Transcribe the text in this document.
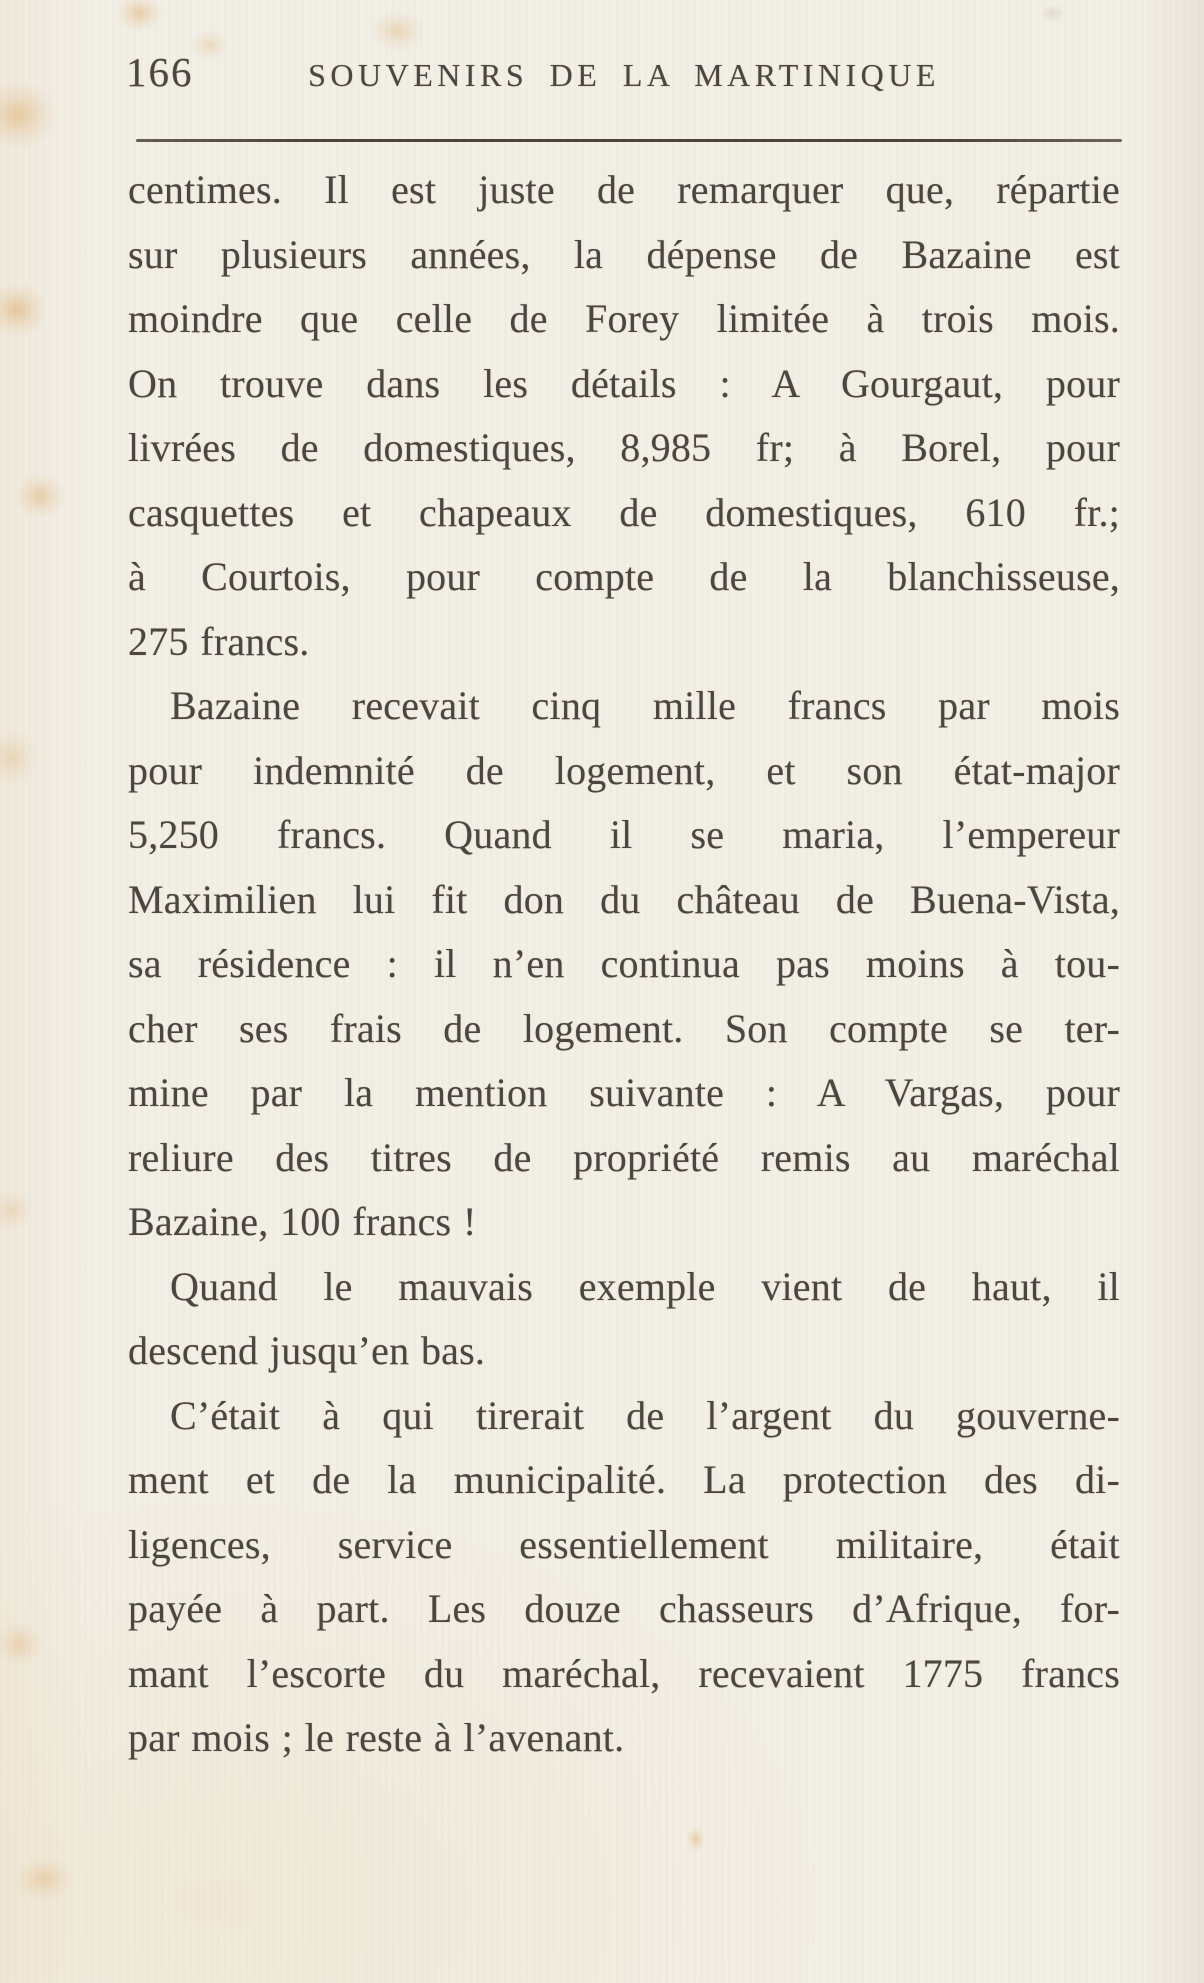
166	SOUVENIRS DE LA MARTINIQUE
centimes. Il est juste de remarquer que, répartie
sur plusieurs années, la dépense de Bazaine est
moindre que celle de Forey limitée à trois mois.
On trouve dans les détails : A Gourgaut, pour
livrées de domestiques, 8,985 fr; à Borel, pour
casquettes et chapeaux de domestiques, 610 fr.;
à Courtois, pour compte de la blanchisseuse,
275 francs.
Bazaine recevait cinq mille francs par mois
pour indemnité de logement, et son état-major
5,250 francs. Quand il se maria, l’empereur
Maximilien lui fit don du château de Buena-Vista,
sa résidence : il n’en continua pas moins à tou-
cher ses frais de logement. Son compte se ter-
mine par la mention suivante : A Vargas, pour
reliure des titres de propriété remis au maréchal
Bazaine, 100 francs !
Quand le mauvais exemple vient de haut, il
descend jusqu’en bas.
C’était à qui tirerait de l’argent du gouverne-
ment et de la municipalité. La protection des di-
ligences, service essentiellement militaire, était
payée à part. Les douze chasseurs d’Afrique, for-
mant l’escorte du maréchal, recevaient 1775 francs
par mois ; le reste à l’avenant.
